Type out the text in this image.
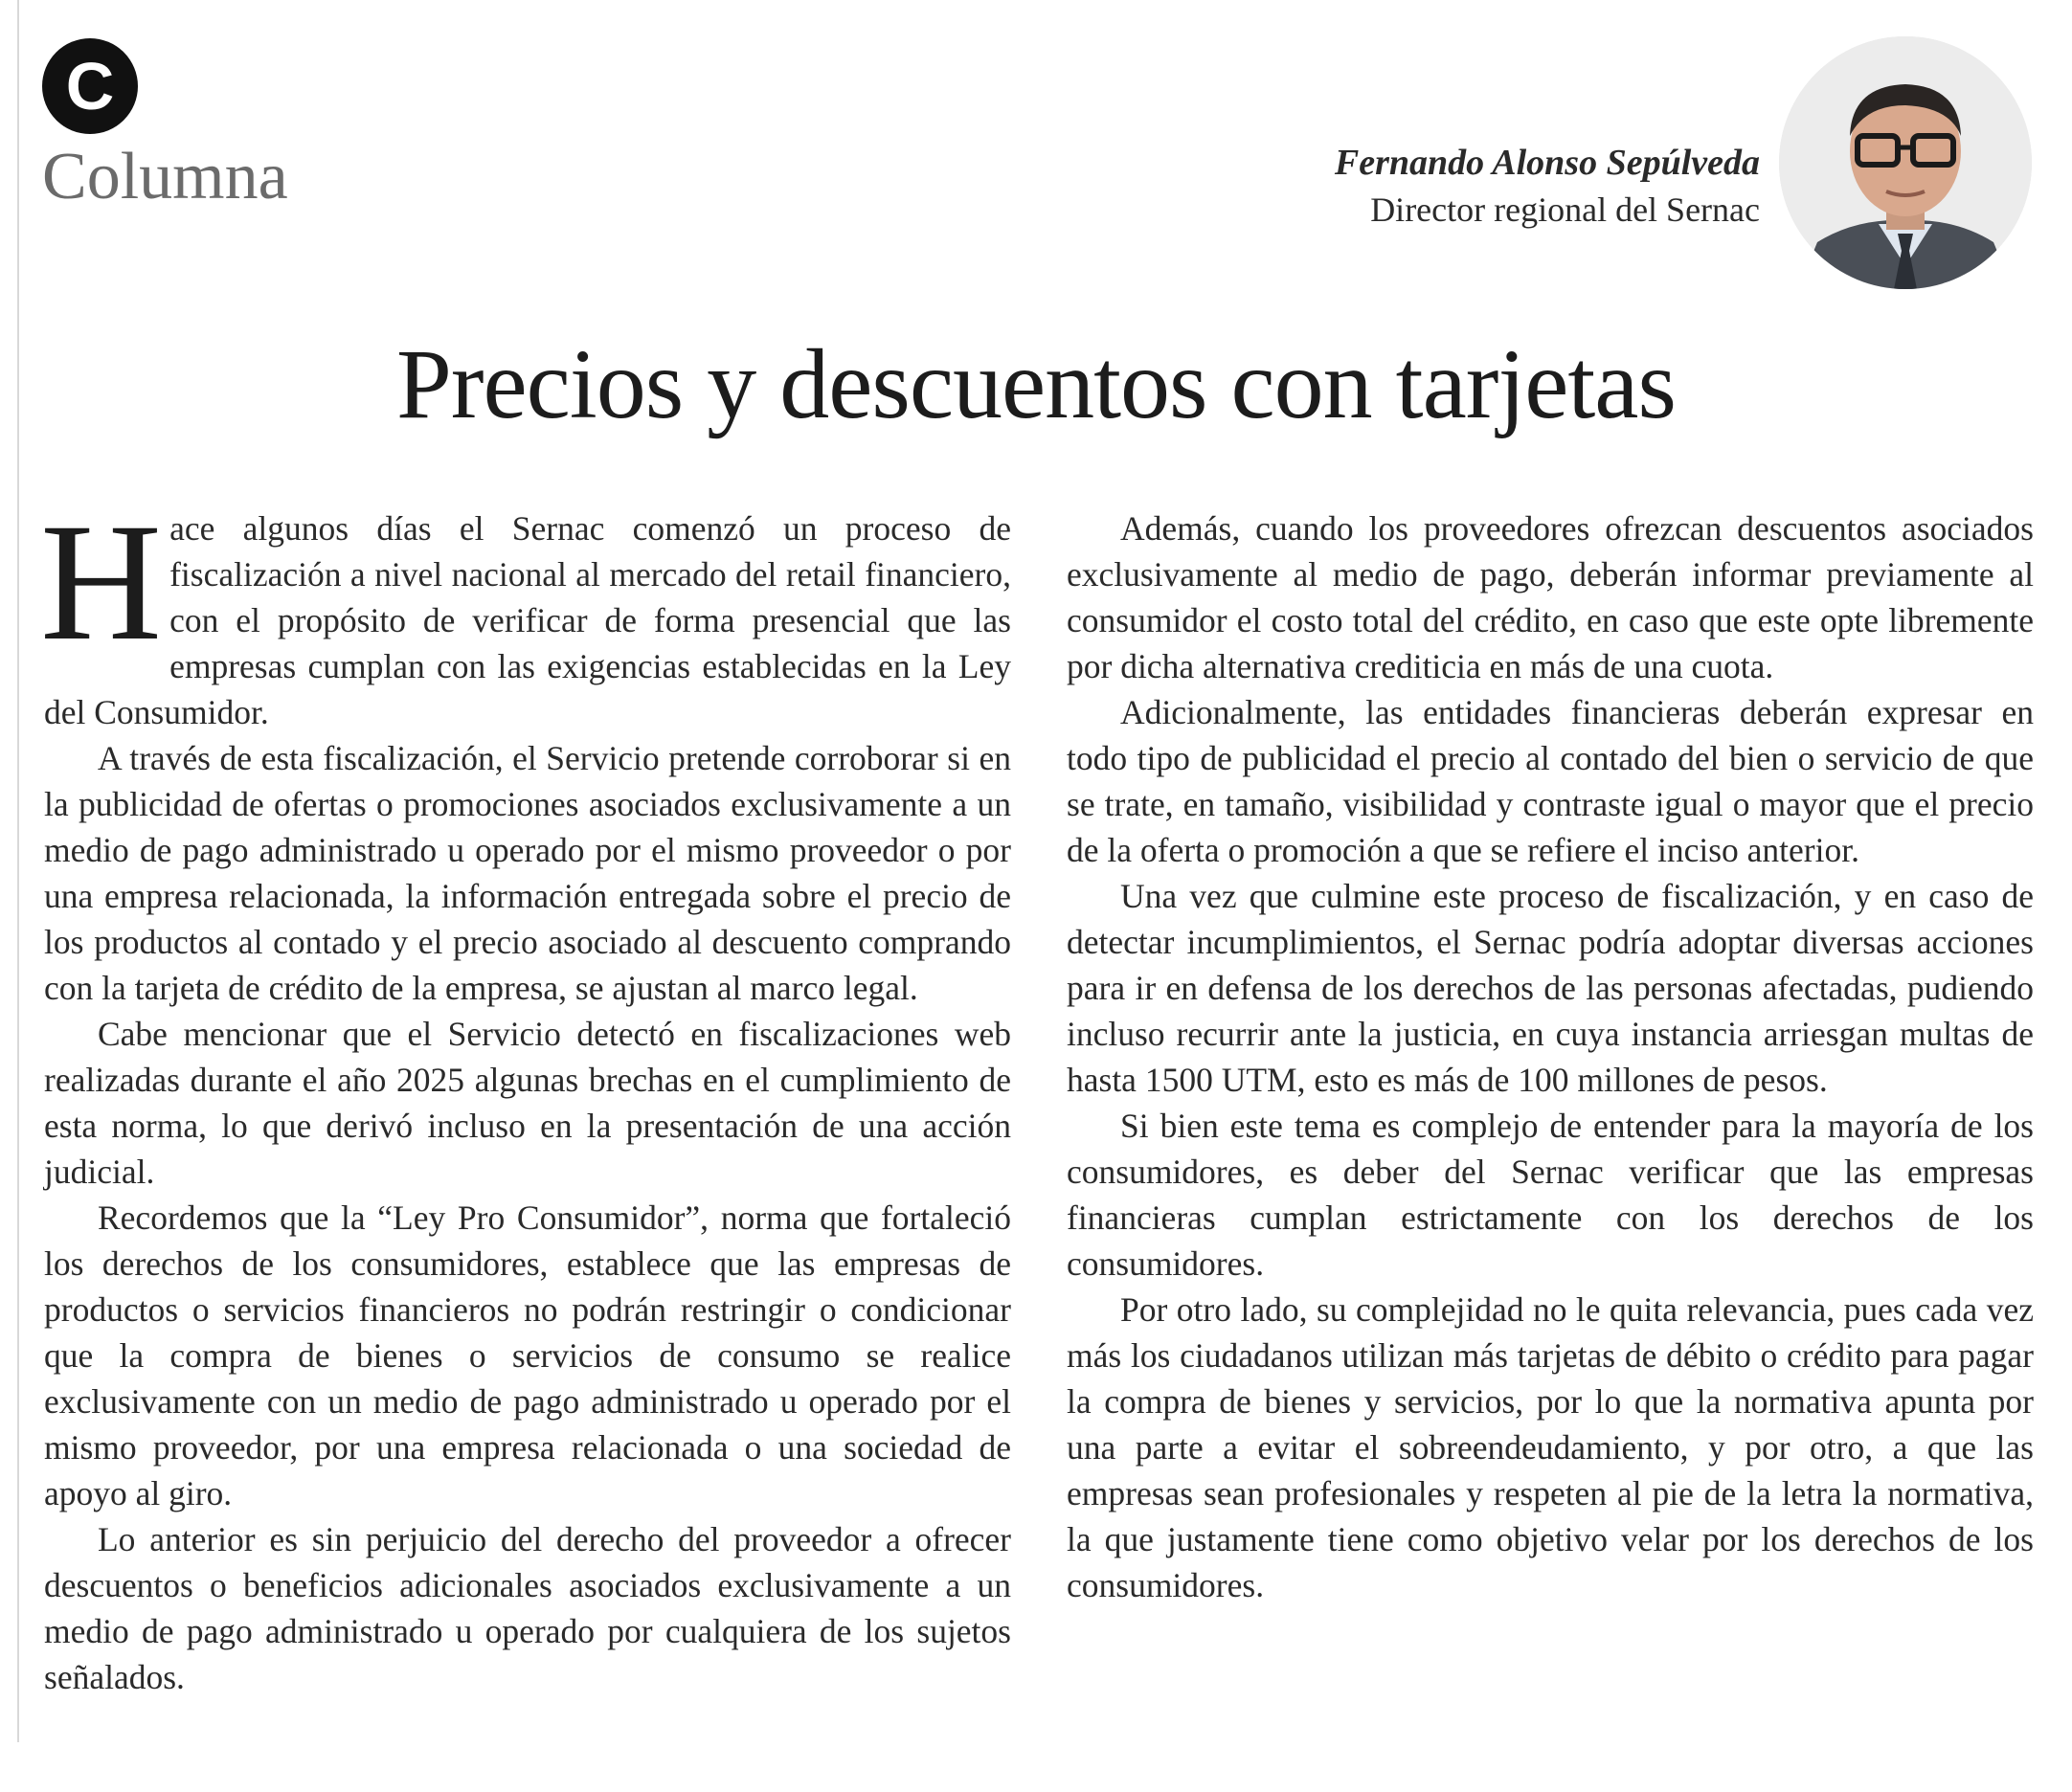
C
Columna	Fernando Alonso Sepúlveda
Director regional del Sernac
Precios y descuentos con tarjetas

Hace algunos días el Sernac comenzó un proceso de fiscalización a nivel nacional al mercado del retail financiero, con el propósito de verificar de forma presencial que las empresas cumplan con las exigencias establecidas en la Ley del Consumidor.

A través de esta fiscalización, el Servicio pretende corroborar si en la publicidad de ofertas o promociones asociados exclusivamente a un medio de pago administrado u operado por el mismo proveedor o por una empresa relacionada, la información entregada sobre el precio de los productos al contado y el precio asociado al descuento comprando con la tarjeta de crédito de la empresa, se ajustan al marco legal.

Cabe mencionar que el Servicio detectó en fiscalizaciones web realizadas durante el año 2025 algunas brechas en el cumplimiento de esta norma, lo que derivó incluso en la presentación de una acción judicial.

Recordemos que la “Ley Pro Consumidor”, norma que fortaleció los derechos de los consumidores, establece que las empresas de productos o servicios financieros no podrán restringir o condicionar que la compra de bienes o servicios de consumo se realice exclusivamente con un medio de pago administrado u operado por el mismo proveedor, por una empresa relacionada o una sociedad de apoyo al giro.

Lo anterior es sin perjuicio del derecho del proveedor a ofrecer descuentos o beneficios adicionales asociados exclusivamente a un medio de pago administrado u operado por cualquiera de los sujetos señalados.

Además, cuando los proveedores ofrezcan descuentos asociados exclusivamente al medio de pago, deberán informar previamente al consumidor el costo total del crédito, en caso que este opte libremente por dicha alternativa crediticia en más de una cuota.

Adicionalmente, las entidades financieras deberán expresar en todo tipo de publicidad el precio al contado del bien o servicio de que se trate, en tamaño, visibilidad y contraste igual o mayor que el precio de la oferta o promoción a que se refiere el inciso anterior.

Una vez que culmine este proceso de fiscalización, y en caso de detectar incumplimientos, el Sernac podría adoptar diversas acciones para ir en defensa de los derechos de las personas afectadas, pudiendo incluso recurrir ante la justicia, en cuya instancia arriesgan multas de hasta 1500 UTM, esto es más de 100 millones de pesos.

Si bien este tema es complejo de entender para la mayoría de los consumidores, es deber del Sernac verificar que las empresas financieras cumplan estrictamente con los derechos de los consumidores.

Por otro lado, su complejidad no le quita relevancia, pues cada vez más los ciudadanos utilizan más tarjetas de débito o crédito para pagar la compra de bienes y servicios, por lo que la normativa apunta por una parte a evitar el sobreendeudamiento, y por otro, a que las empresas sean profesionales y respeten al pie de la letra la normativa, la que justamente tiene como objetivo velar por los derechos de los consumidores.
